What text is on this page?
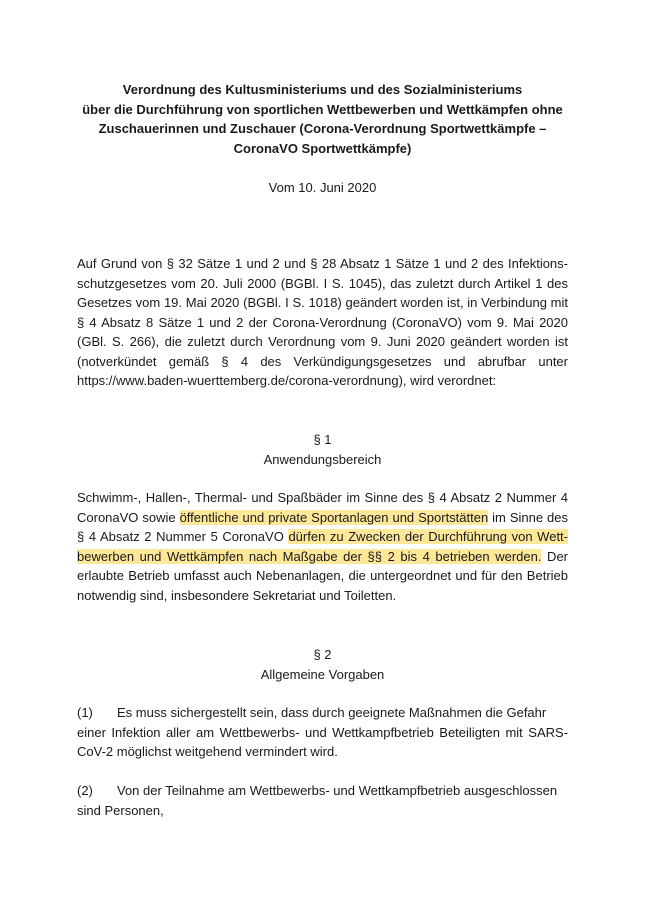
Verordnung des Kultusministeriums und des Sozialministeriums
über die Durchführung von sportlichen Wettbewerben und Wettkämpfen ohne
Zuschauerinnen und Zuschauer (Corona-Verordnung Sportwettkämpfe –
CoronaVO Sportwettkämpfe)
Vom 10. Juni 2020
Auf Grund von § 32 Sätze 1 und 2 und § 28 Absatz 1 Sätze 1 und 2 des Infektions-
schutzgesetzes vom 20. Juli 2000 (BGBl. I S. 1045), das zuletzt durch Artikel 1 des
Gesetzes vom 19. Mai 2020 (BGBl. I S. 1018) geändert worden ist, in Verbindung mit
§ 4 Absatz 8 Sätze 1 und 2 der Corona-Verordnung (CoronaVO) vom 9. Mai 2020
(GBl. S. 266), die zuletzt durch Verordnung vom 9. Juni 2020 geändert worden ist
(notverkündet gemäß § 4 des Verkündigungsgesetzes und abrufbar unter
https://www.baden-wuerttemberg.de/corona-verordnung), wird verordnet:
§ 1
Anwendungsbereich
Schwimm-, Hallen-, Thermal- und Spaßbäder im Sinne des § 4 Absatz 2 Nummer 4
CoronaVO sowie öffentliche und private Sportanlagen und Sportstätten im Sinne des
§ 4 Absatz 2 Nummer 5 CoronaVO dürfen zu Zwecken der Durchführung von Wett-
bewerben und Wettkämpfen nach Maßgabe der §§ 2 bis 4 betrieben werden. Der
erlaubte Betrieb umfasst auch Nebenanlagen, die untergeordnet und für den Betrieb
notwendig sind, insbesondere Sekretariat und Toiletten.
§ 2
Allgemeine Vorgaben
(1) Es muss sichergestellt sein, dass durch geeignete Maßnahmen die Gefahr
einer Infektion aller am Wettbewerbs- und Wettkampfbetrieb Beteiligten mit SARS-
CoV-2 möglichst weitgehend vermindert wird.
(2) Von der Teilnahme am Wettbewerbs- und Wettkampfbetrieb ausgeschlossen
sind Personen,
